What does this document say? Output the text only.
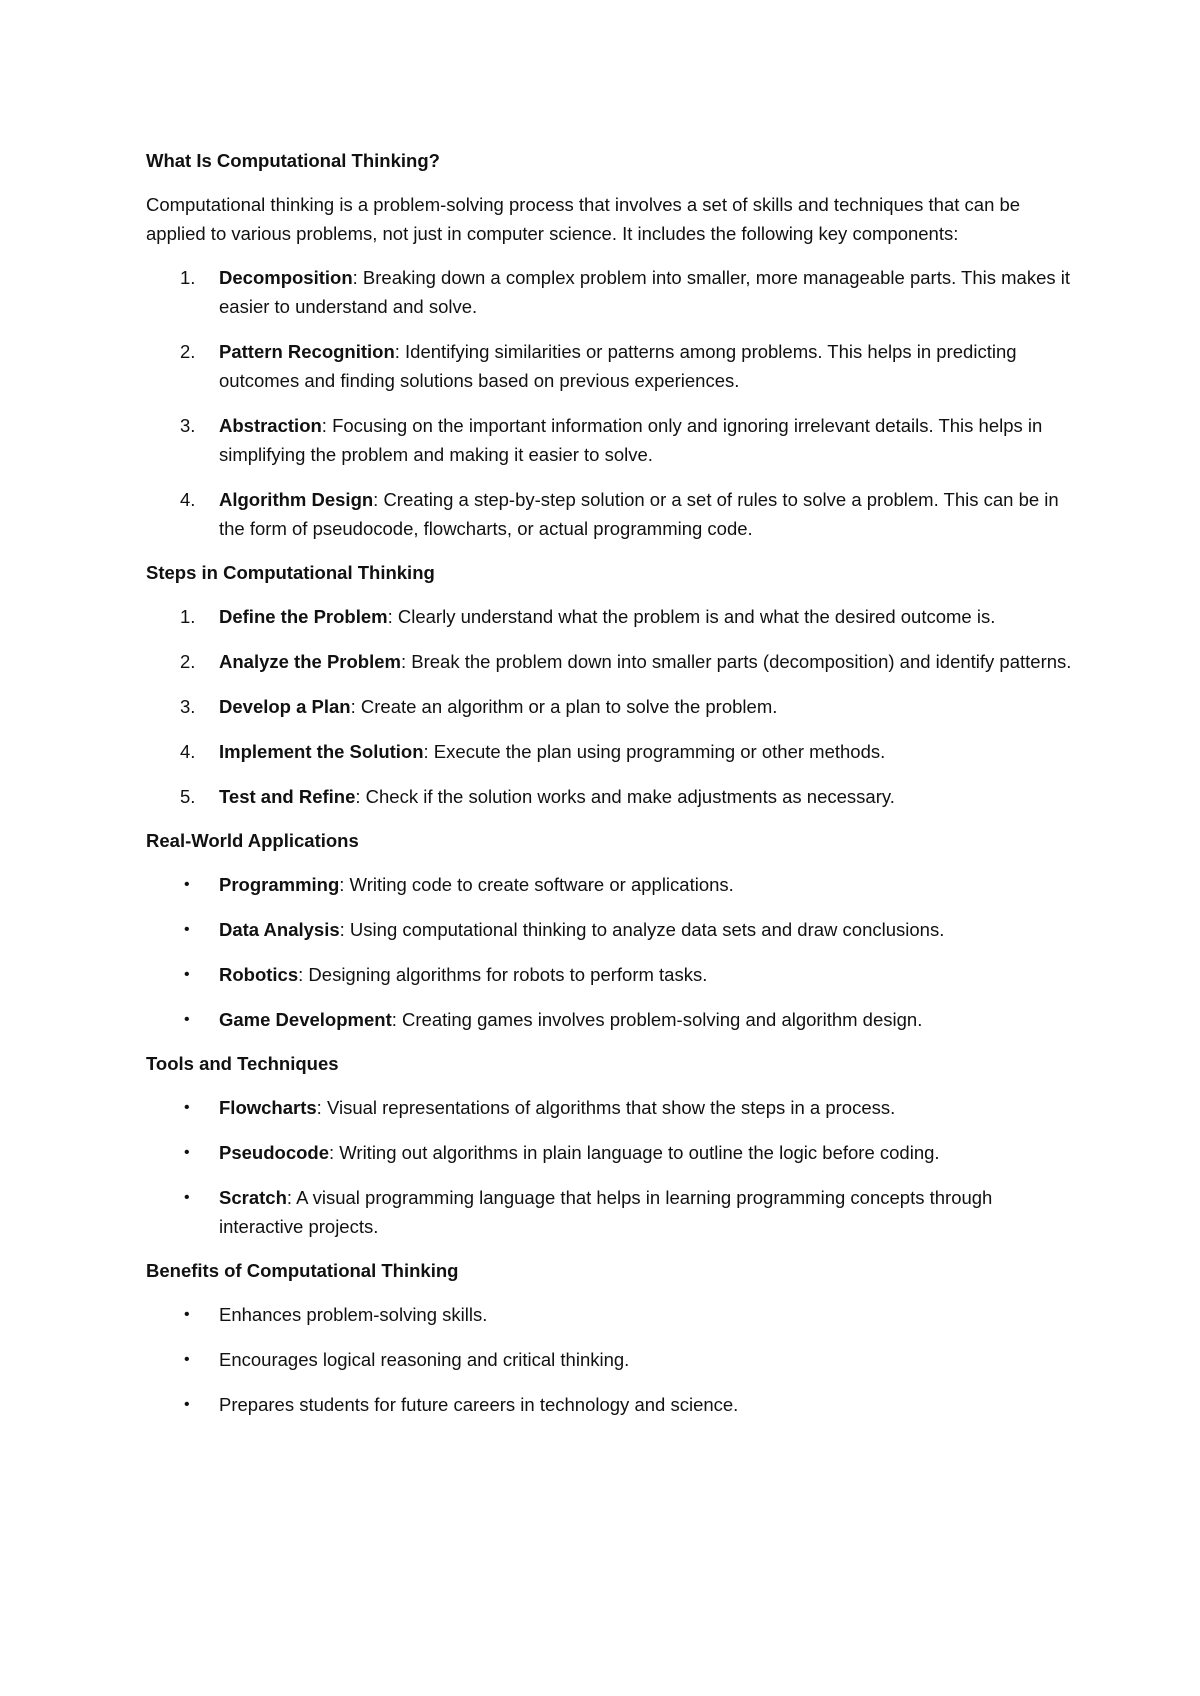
What Is Computational Thinking?

Computational thinking is a problem-solving process that involves a set of skills and techniques that can be applied to various problems, not just in computer science. It includes the following key components:

1. Decomposition: Breaking down a complex problem into smaller, more manageable parts. This makes it easier to understand and solve.
2. Pattern Recognition: Identifying similarities or patterns among problems. This helps in predicting outcomes and finding solutions based on previous experiences.
3. Abstraction: Focusing on the important information only and ignoring irrelevant details. This helps in simplifying the problem and making it easier to solve.
4. Algorithm Design: Creating a step-by-step solution or a set of rules to solve a problem. This can be in the form of pseudocode, flowcharts, or actual programming code.
Steps in Computational Thinking
1. Define the Problem: Clearly understand what the problem is and what the desired outcome is.
2. Analyze the Problem: Break the problem down into smaller parts (decomposition) and identify patterns.
3. Develop a Plan: Create an algorithm or a plan to solve the problem.
4. Implement the Solution: Execute the plan using programming or other methods.
5. Test and Refine: Check if the solution works and make adjustments as necessary.
Real-World Applications
• Programming: Writing code to create software or applications.
• Data Analysis: Using computational thinking to analyze data sets and draw conclusions.
• Robotics: Designing algorithms for robots to perform tasks.
• Game Development: Creating games involves problem-solving and algorithm design.
Tools and Techniques
• Flowcharts: Visual representations of algorithms that show the steps in a process.
• Pseudocode: Writing out algorithms in plain language to outline the logic before coding.
• Scratch: A visual programming language that helps in learning programming concepts through interactive projects.
Benefits of Computational Thinking
• Enhances problem-solving skills.
• Encourages logical reasoning and critical thinking.
• Prepares students for future careers in technology and science.
